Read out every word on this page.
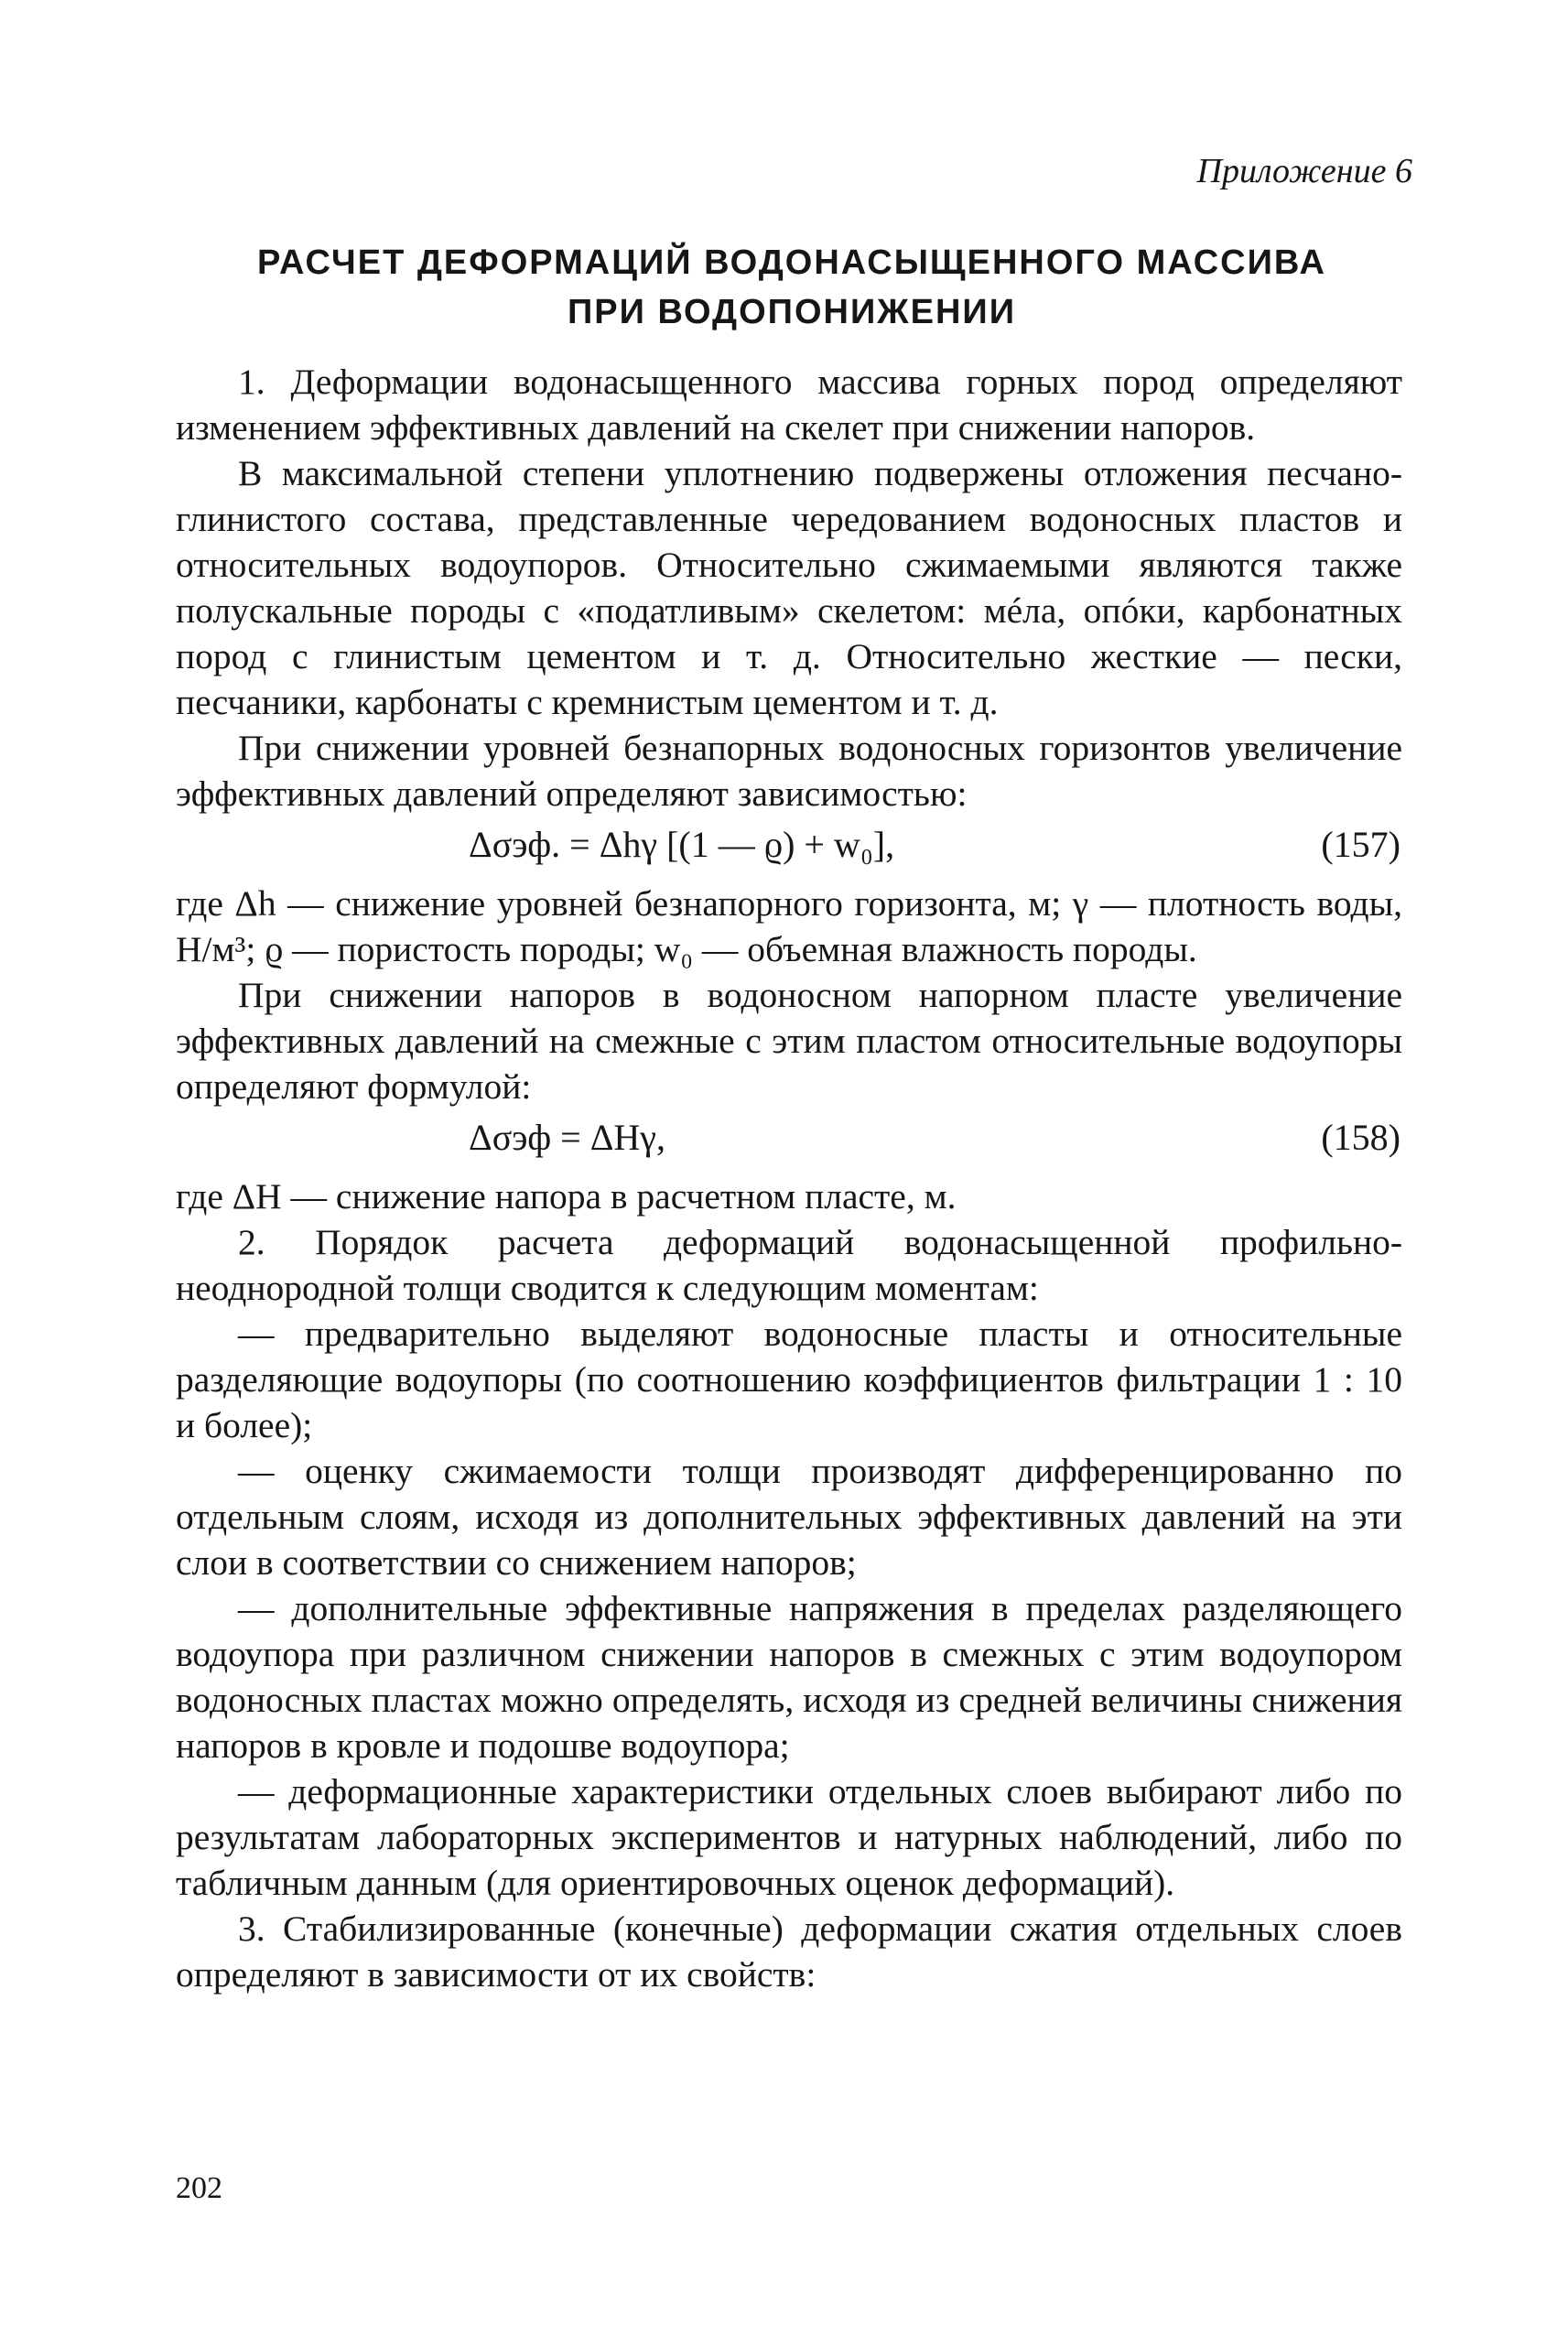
Приложение 6
РАСЧЕТ ДЕФОРМАЦИЙ ВОДОНАСЫЩЕННОГО МАССИВА
ПРИ ВОДОПОНИЖЕНИИ

1. Деформации водонасыщенного массива горных пород определяют изменением эффективных давлений на скелет при снижении напоров.

В максимальной степени уплотнению подвержены отложения песчано-глинистого состава, представленные чередованием водоносных пластов и относительных водоупоров. Относительно сжимаемыми являются также полускальные породы с «податливым» скелетом: мéла, опóки, карбонатных пород с глинистым цементом и т. д. Относительно жесткие — пески, песчаники, карбонаты с кремнистым цементом и т. д.

При снижении уровней безнапорных водоносных горизонтов увеличение эффективных давлений определяют зависимостью:

Δσэф. = Δhγ [(1 — ϱ) + w₀],	(157)

где Δh — снижение уровней безнапорного горизонта, м; γ — плотность воды, Н/м³; ϱ — пористость породы; w₀ — объемная влажность породы.

При снижении напоров в водоносном напорном пласте увеличение эффективных давлений на смежные с этим пластом относительные водоупоры определяют формулой:

Δσэф = ΔHγ,	(158)

где ΔH — снижение напора в расчетном пласте, м.

2. Порядок расчета деформаций водонасыщенной профильно-неоднородной толщи сводится к следующим моментам:

— предварительно выделяют водоносные пласты и относительные разделяющие водоупоры (по соотношению коэффициентов фильтрации 1 : 10 и более);

— оценку сжимаемости толщи производят дифференцированно по отдельным слоям, исходя из дополнительных эффективных давлений на эти слои в соответствии со снижением напоров;

— дополнительные эффективные напряжения в пределах разделяющего водоупора при различном снижении напоров в смежных с этим водоупором водоносных пластах можно определять, исходя из средней величины снижения напоров в кровле и подошве водоупора;

— деформационные характеристики отдельных слоев выбирают либо по результатам лабораторных экспериментов и натурных наблюдений, либо по табличным данным (для ориентировочных оценок деформаций).

3. Стабилизированные (конечные) деформации сжатия отдельных слоев определяют в зависимости от их свойств:

202
